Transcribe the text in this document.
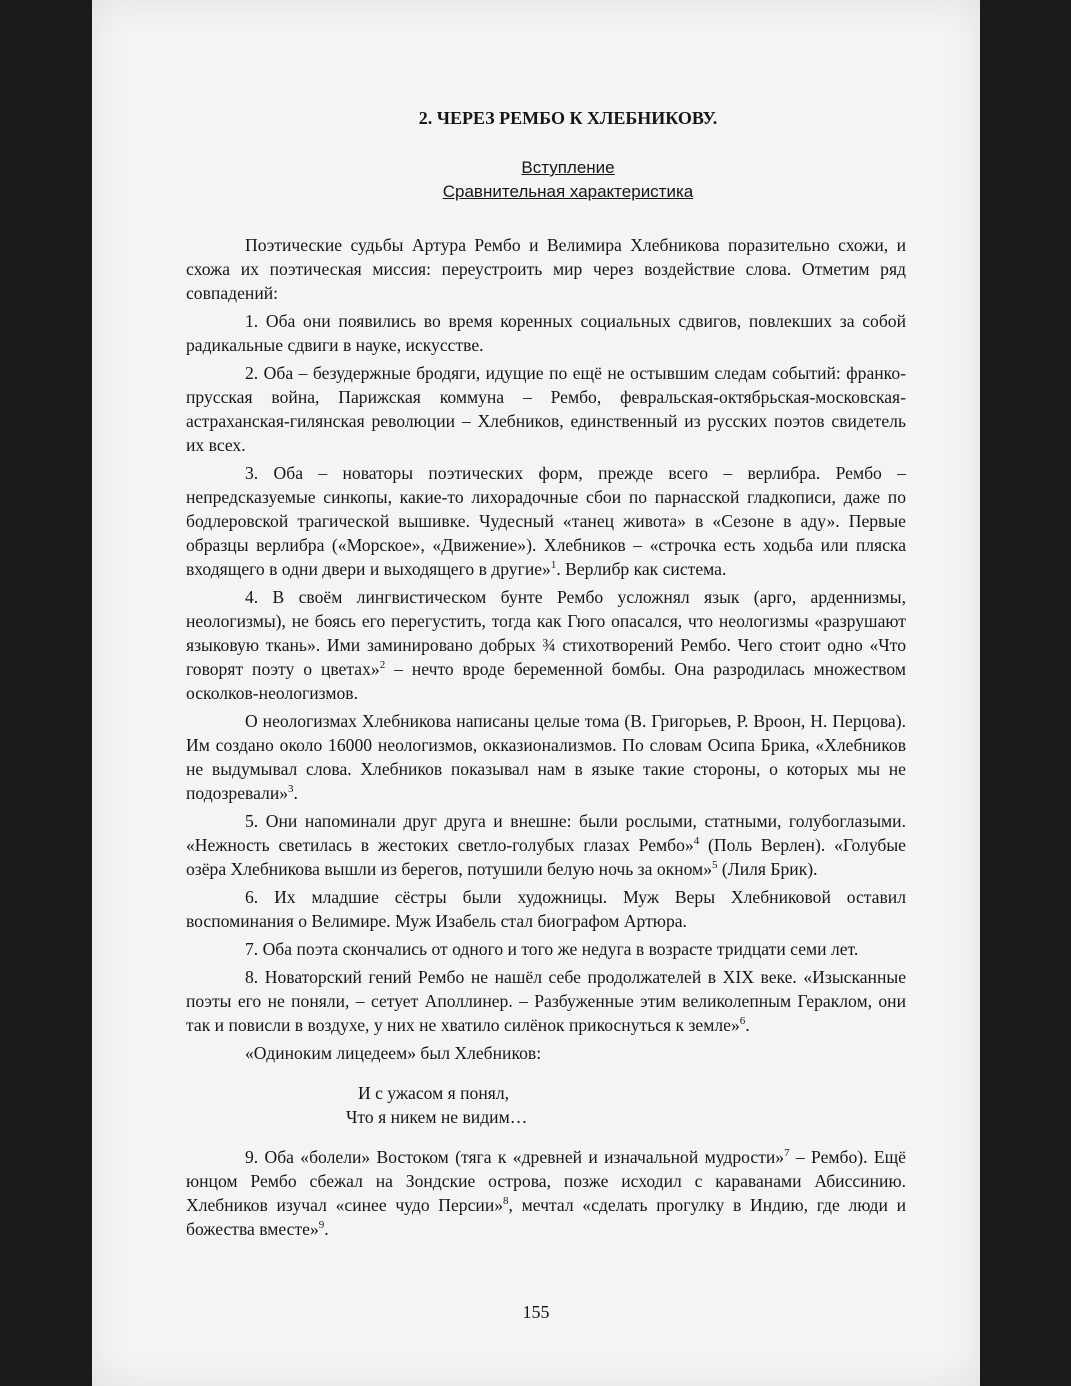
2. ЧЕРЕЗ РЕМБО К ХЛЕБНИКОВУ.
Вступление
Сравнительная характеристика

Поэтические судьбы Артура Рембо и Велимира Хлебникова поразительно схожи, и схожа их поэтическая миссия: переустроить мир через воздействие слова. Отметим ряд совпадений:

1. Оба они появились во время коренных социальных сдвигов, повлекших за собой радикальные сдвиги в науке, искусстве.

2. Оба – безудержные бродяги, идущие по ещё не остывшим следам событий: франко-прусская война, Парижская коммуна – Рембо, февральская-октябрьская-московская-астраханская-гилянская революции – Хлебников, единственный из русских поэтов свидетель их всех.

3. Оба – новаторы поэтических форм, прежде всего – верлибра. Рембо – непредсказуемые синкопы, какие-то лихорадочные сбои по парнасской гладкописи, даже по бодлеровской трагической вышивке. Чудесный «танец живота» в «Сезоне в аду». Первые образцы верлибра («Морское», «Движение»). Хлебников – «строчка есть ходьба или пляска входящего в одни двери и выходящего в другие»$^1$. Верлибр как система.

4. В своём лингвистическом бунте Рембо усложнял язык (арго, арденнизмы, неологизмы), не боясь его перегустить, тогда как Гюго опасался, что неологизмы «разрушают языковую ткань». Ими заминировано добрых ¾ стихотворений Рембо. Чего стоит одно «Что говорят поэту о цветах»$^2$ – нечто вроде беременной бомбы. Она разродилась множеством осколков-неологизмов.

О неологизмах Хлебникова написаны целые тома (В. Григорьев, Р. Вроон, Н. Перцова). Им создано около 16000 неологизмов, окказионализмов. По словам Осипа Брика, «Хлебников не выдумывал слова. Хлебников показывал нам в языке такие стороны, о которых мы не подозревали»$^3$.

5. Они напоминали друг друга и внешне: были рослыми, статными, голубоглазыми. «Нежность светилась в жестоких светло-голубых глазах Рембо»$^4$ (Поль Верлен). «Голубые озёра Хлебникова вышли из берегов, потушили белую ночь за окном»$^5$ (Лиля Брик).

6. Их младшие сёстры были художницы. Муж Веры Хлебниковой оставил воспоминания о Велимире. Муж Изабель стал биографом Артюра.

7. Оба поэта скончались от одного и того же недуга в возрасте тридцати семи лет.

8. Новаторский гений Рембо не нашёл себе продолжателей в XIX веке. «Изысканные поэты его не поняли, – сетует Аполлинер. – Разбуженные этим великолепным Гераклом, они так и повисли в воздухе, у них не хватило силёнок прикоснуться к земле»$^6$.

«Одиноким лицедеем» был Хлебников:

И с ужасом я понял,
Что я никем не видим…

9. Оба «болели» Востоком (тяга к «древней и изначальной мудрости»$^7$ – Рембо). Ещё юнцом Рембо сбежал на Зондские острова, позже исходил с караванами Абиссинию. Хлебников изучал «синее чудо Персии»$^8$, мечтал «сделать прогулку в Индию, где люди и божества вместе»$^9$.

155
